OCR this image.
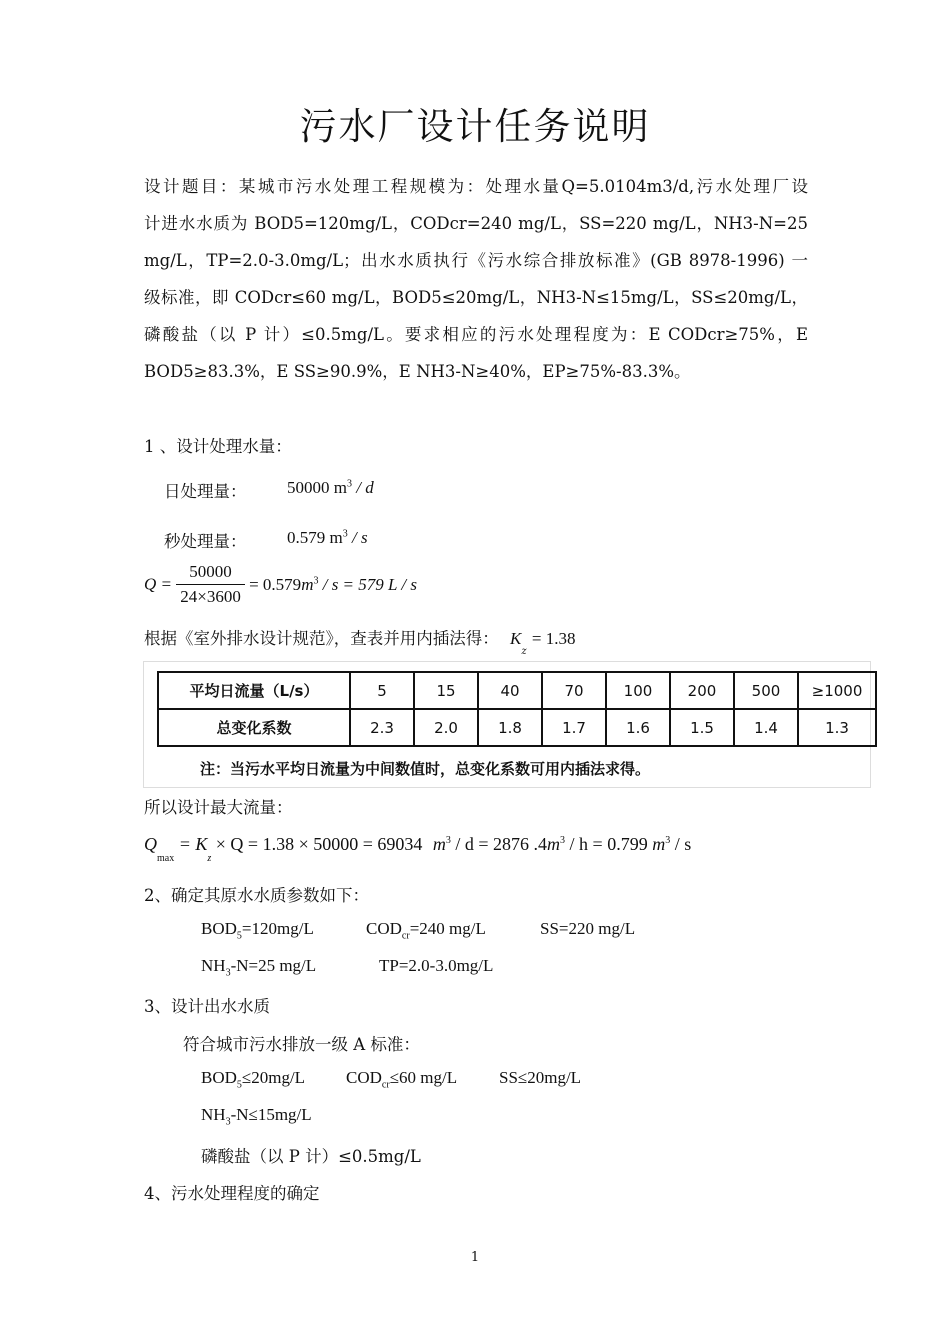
污水厂设计任务说明
设计题目：某城市污水处理工程规模为：处理水量Q=5.0104m3/d,污水处理厂设
计进水水质为 BOD5=120mg/L，CODcr=240 mg/L，SS=220 mg/L，NH3-N=25
mg/L，TP=2.0-3.0mg/L；出水水质执行《污水综合排放标准》(GB 8978-1996) 一
级标准，即 CODcr≤60 mg/L，BOD5≤20mg/L，NH3-N≤15mg/L，SS≤20mg/L，
磷酸盐（以 P 计）≤0.5mg/L。要求相应的污水处理程度为：E CODcr≥75%，E
BOD5≥83.3%，E SS≥90.9%，E NH3-N≥40%，EP≥75%-83.3%。
1 、设计处理水量：
日处理量： 50000 $m^3$ / d
秒处理量： 0.579 $m^3$ / s
$Q = \frac{50000}{24\times 3600} = 0.579m^3 / s = 579$ L / s
根据《室外排水设计规范》，查表并用内插法得： $K_z = 1.38$
平均日流量（L/s）	5	15	40	70	100	200	500	≥1000
总变化系数	2.3	2.0	1.8	1.7	1.6	1.5	1.4	1.3
注：当污水平均日流量为中间数值时，总变化系数可用内插法求得。
所以设计最大流量：
$Q_{max} = K_z \times Q = 1.38 \times 50000 = 69034$ $m^3 / d = 2876$ $.4m^3 / h = 0.799$ $m^3$ / s
2、确定其原水水质参数如下：
$BOD_5=120mg/L$	$COD_{cr}=240$ mg/L	SS=220 mg/L
$NH_3-N=25$ mg/L	TP=2.0-3.0mg/L
3、设计出水水质
符合城市污水排放一级 A 标准：
$BOD_5\le 20mg/L$ $COD_{cr}\le 60$ mg/L SS≤20mg/L
$NH_3-N\le 15mg/L$
磷酸盐（以 P 计）≤0.5mg/L
4、污水处理程度的确定
1
